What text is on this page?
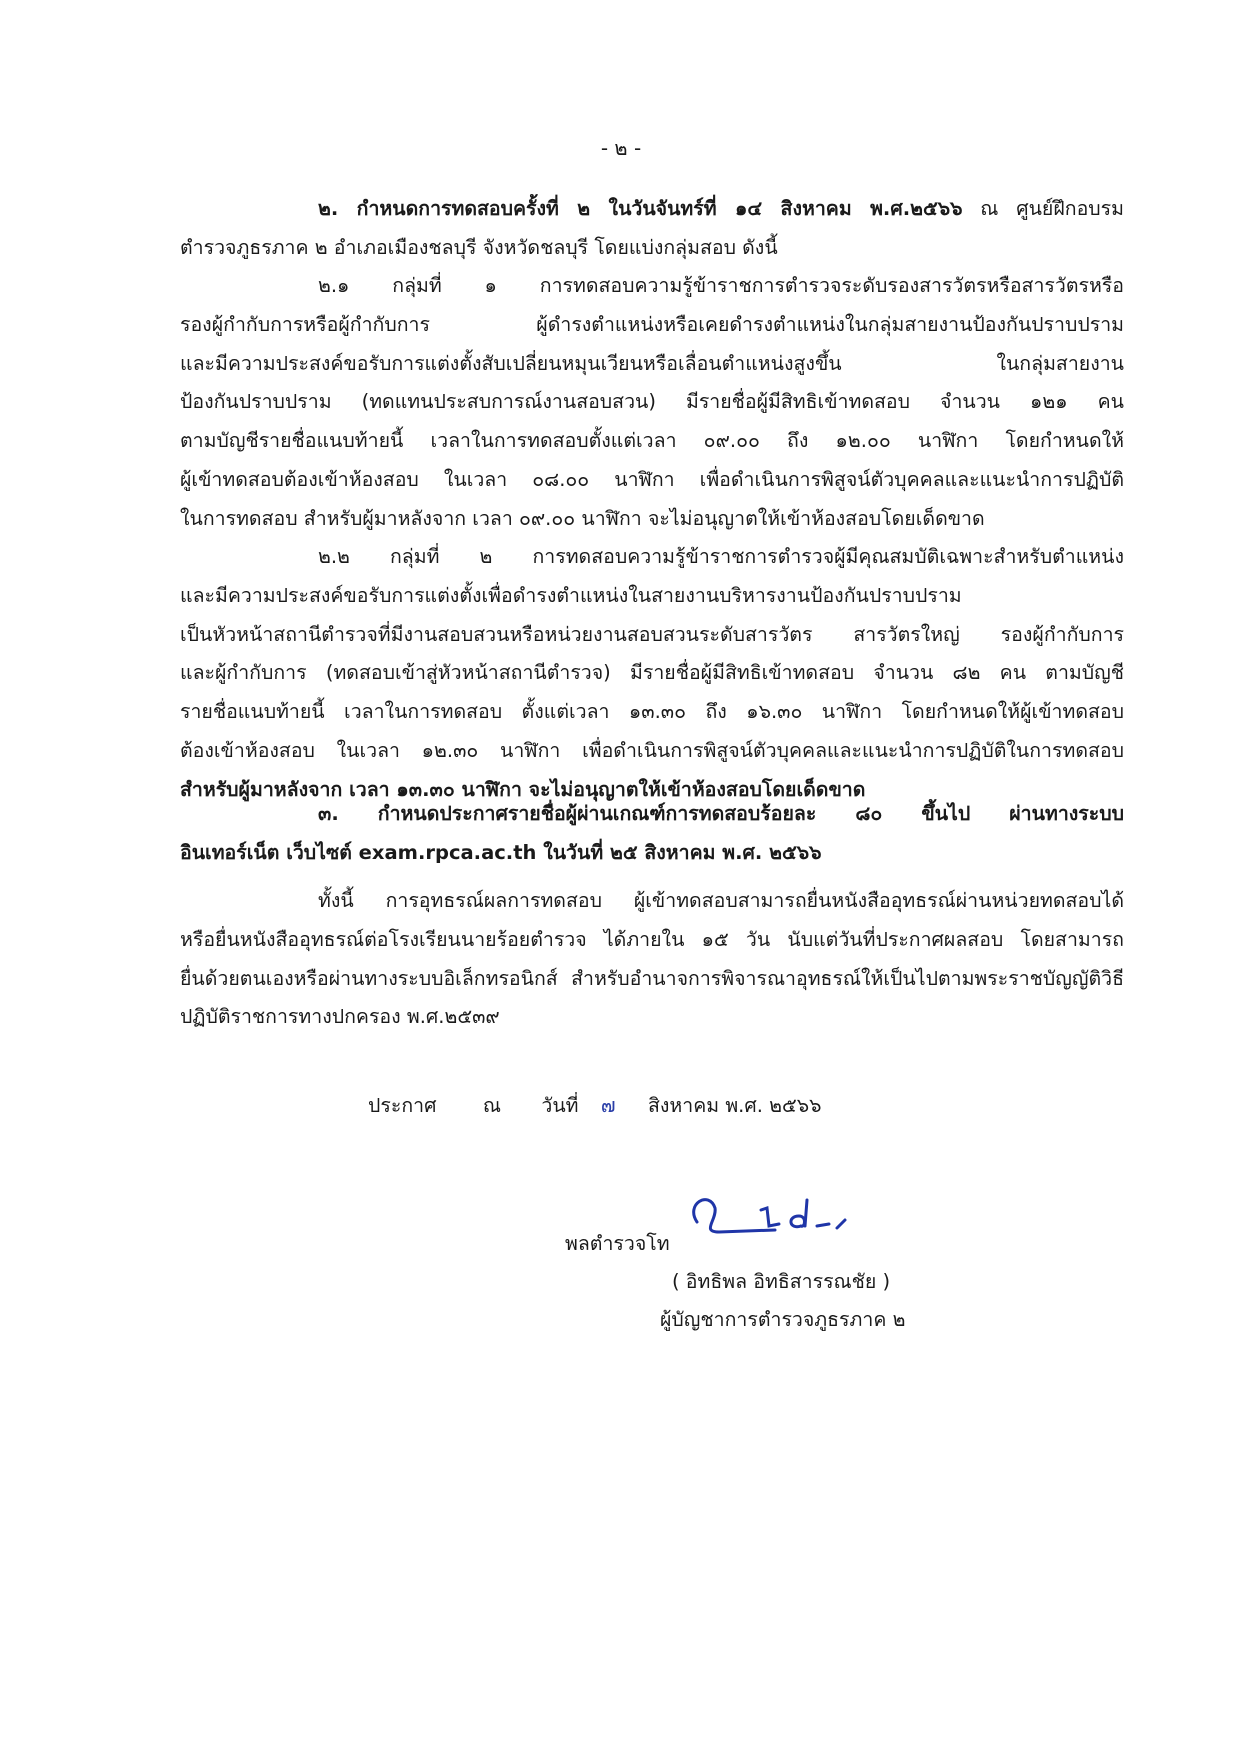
- ๒ -
๒. กำหนดการทดสอบครั้งที่ ๒ ในวันจันทร์ที่ ๑๔ สิงหาคม พ.ศ.๒๕๖๖ ณ ศูนย์ฝึกอบรม
ตำรวจภูธรภาค ๒ อำเภอเมืองชลบุรี จังหวัดชลบุรี โดยแบ่งกลุ่มสอบ ดังนี้
๒.๑ กลุ่มที่ ๑ การทดสอบความรู้ข้าราชการตำรวจระดับรองสารวัตรหรือสารวัตรหรือ
รองผู้กำกับการหรือผู้กำกับการ ผู้ดำรงตำแหน่งหรือเคยดำรงตำแหน่งในกลุ่มสายงานป้องกันปราบปราม
และมีความประสงค์ขอรับการแต่งตั้งสับเปลี่ยนหมุนเวียนหรือเลื่อนตำแหน่งสูงขึ้น ในกลุ่มสายงาน
ป้องกันปราบปราม (ทดแทนประสบการณ์งานสอบสวน) มีรายชื่อผู้มีสิทธิเข้าทดสอบ จำนวน ๑๒๑ คน
ตามบัญชีรายชื่อแนบท้ายนี้ เวลาในการทดสอบตั้งแต่เวลา ๐๙.๐๐ ถึง ๑๒.๐๐ นาฬิกา โดยกำหนดให้
ผู้เข้าทดสอบต้องเข้าห้องสอบ ในเวลา ๐๘.๐๐ นาฬิกา เพื่อดำเนินการพิสูจน์ตัวบุคคลและแนะนำการปฏิบัติ
ในการทดสอบ สำหรับผู้มาหลังจาก เวลา ๐๙.๐๐ นาฬิกา จะไม่อนุญาตให้เข้าห้องสอบโดยเด็ดขาด
๒.๒ กลุ่มที่ ๒ การทดสอบความรู้ข้าราชการตำรวจผู้มีคุณสมบัติเฉพาะสำหรับตำแหน่ง
และมีความประสงค์ขอรับการแต่งตั้งเพื่อดำรงตำแหน่งในสายงานบริหารงานป้องกันปราบปราม
เป็นหัวหน้าสถานีตำรวจที่มีงานสอบสวนหรือหน่วยงานสอบสวนระดับสารวัตร สารวัตรใหญ่ รองผู้กำกับการ
และผู้กำกับการ (ทดสอบเข้าสู่หัวหน้าสถานีตำรวจ) มีรายชื่อผู้มีสิทธิเข้าทดสอบ จำนวน ๘๒ คน ตามบัญชี
รายชื่อแนบท้ายนี้ เวลาในการทดสอบ ตั้งแต่เวลา ๑๓.๓๐ ถึง ๑๖.๓๐ นาฬิกา โดยกำหนดให้ผู้เข้าทดสอบ
ต้องเข้าห้องสอบ ในเวลา ๑๒.๓๐ นาฬิกา เพื่อดำเนินการพิสูจน์ตัวบุคคลและแนะนำการปฏิบัติในการทดสอบ
สำหรับผู้มาหลังจาก เวลา ๑๓.๓๐ นาฬิกา จะไม่อนุญาตให้เข้าห้องสอบโดยเด็ดขาด
๓. กำหนดประกาศรายชื่อผู้ผ่านเกณฑ์การทดสอบร้อยละ ๘๐ ขึ้นไป ผ่านทางระบบ
อินเทอร์เน็ต เว็บไซต์ exam.rpca.ac.th ในวันที่ ๒๕ สิงหาคม พ.ศ. ๒๕๖๖
ทั้งนี้ การอุทธรณ์ผลการทดสอบ ผู้เข้าทดสอบสามารถยื่นหนังสืออุทธรณ์ผ่านหน่วยทดสอบได้
หรือยื่นหนังสืออุทธรณ์ต่อโรงเรียนนายร้อยตำรวจ ได้ภายใน ๑๕ วัน นับแต่วันที่ประกาศผลสอบ โดยสามารถ
ยื่นด้วยตนเองหรือผ่านทางระบบอิเล็กทรอนิกส์ สำหรับอำนาจการพิจารณาอุทธรณ์ให้เป็นไปตามพระราชบัญญัติวิธี
ปฏิบัติราชการทางปกครอง พ.ศ.๒๕๓๙
ประกาศ ณ วันที่ ๗ สิงหาคม พ.ศ. ๒๕๖๖
พลตำรวจโท
( อิทธิพล อิทธิสารรณชัย )
ผู้บัญชาการตำรวจภูธรภาค ๒
